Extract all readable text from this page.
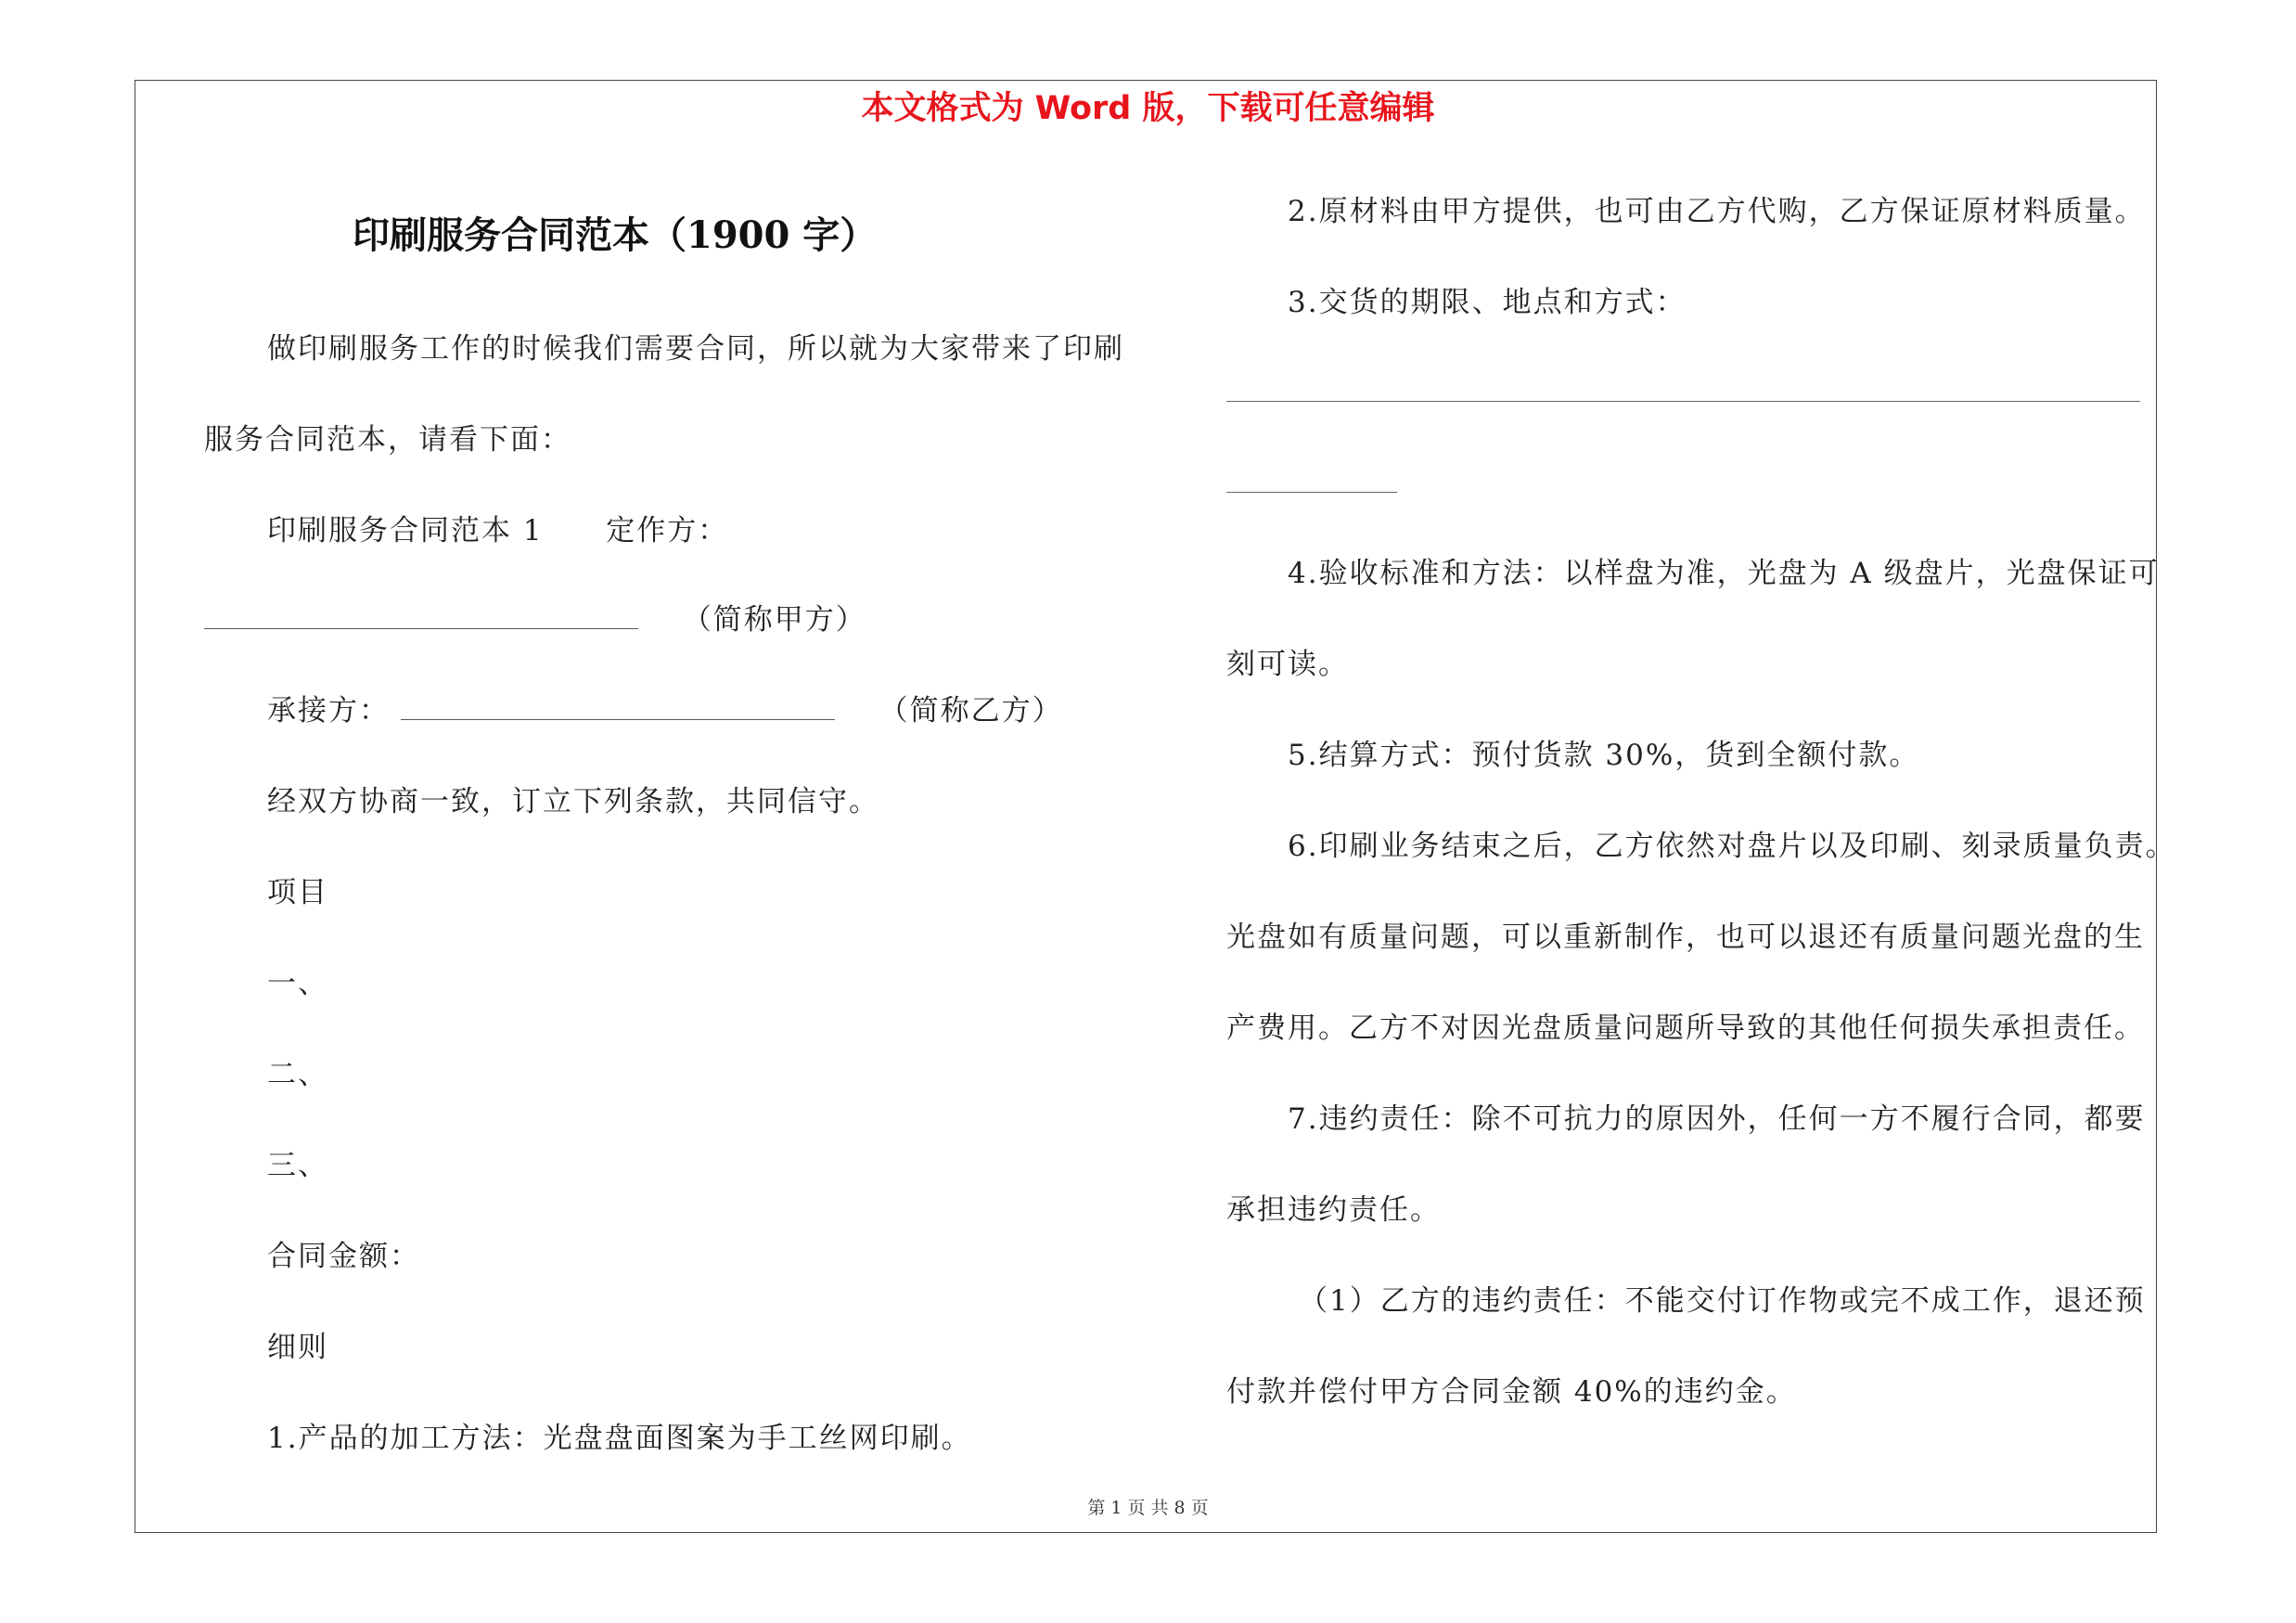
本文格式为 Word 版，下载可任意编辑
印刷服务合同范本（1900 字）
做印刷服务工作的时候我们需要合同，所以就为大家带来了印刷
服务合同范本，请看下面：
印刷服务合同范本 1 定作方：
（简称甲方）
承接方：	（简称乙方）
经双方协商一致，订立下列条款，共同信守。
项目
一、
二、
三、
合同金额：
细则
1.产品的加工方法：光盘盘面图案为手工丝网印刷。
2.原材料由甲方提供，也可由乙方代购，乙方保证原材料质量。
3.交货的期限、地点和方式：
4.验收标准和方法：以样盘为准，光盘为 A 级盘片，光盘保证可
刻可读。
5.结算方式：预付货款 30%，货到全额付款。
6.印刷业务结束之后，乙方依然对盘片以及印刷、刻录质量负责。
光盘如有质量问题，可以重新制作，也可以退还有质量问题光盘的生
产费用。乙方不对因光盘质量问题所导致的其他任何损失承担责任。
7.违约责任：除不可抗力的原因外，任何一方不履行合同，都要
承担违约责任。
（1）乙方的违约责任：不能交付订作物或完不成工作，退还预
付款并偿付甲方合同金额 40%的违约金。
第 1 页 共 8 页
